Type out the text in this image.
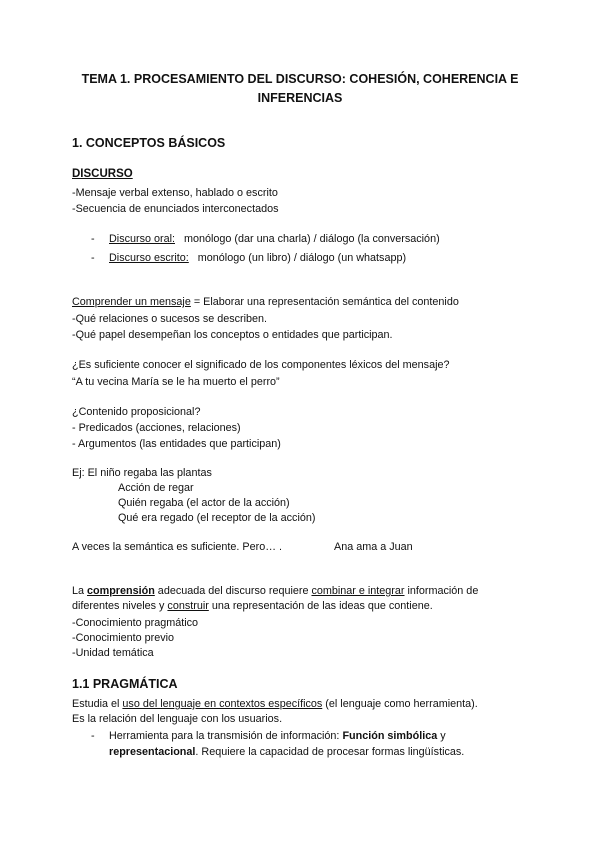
TEMA 1. PROCESAMIENTO DEL DISCURSO: COHESIÓN, COHERENCIA E INFERENCIAS
1. CONCEPTOS BÁSICOS
DISCURSO
-Mensaje verbal extenso, hablado o escrito
-Secuencia de enunciados interconectados
- Discurso oral: monólogo (dar una charla) / diálogo (la conversación)
- Discurso escrito: monólogo (un libro) / diálogo (un whatsapp)
Comprender un mensaje = Elaborar una representación semántica del contenido
-Qué relaciones o sucesos se describen.
-Qué papel desempeñan los conceptos o entidades que participan.
¿Es suficiente conocer el significado de los componentes léxicos del mensaje?
“A tu vecina María se le ha muerto el perro”
¿Contenido proposicional?
- Predicados (acciones, relaciones)
- Argumentos (las entidades que participan)
Ej: El niño regaba las plantas
Acción de regar
Quién regaba (el actor de la acción)
Qué era regado (el receptor de la acción)
A veces la semántica es suficiente. Pero… .	Ana ama a Juan
La comprensión adecuada del discurso requiere combinar e integrar información de
diferentes niveles y construir una representación de las ideas que contiene.
-Conocimiento pragmático
-Conocimiento previo
-Unidad temática
1.1 PRAGMÁTICA
Estudia el uso del lenguaje en contextos específicos (el lenguaje como herramienta).
Es la relación del lenguaje con los usuarios.
- Herramienta para la transmisión de información: Función simbólica y
representacional. Requiere la capacidad de procesar formas lingüísticas.
